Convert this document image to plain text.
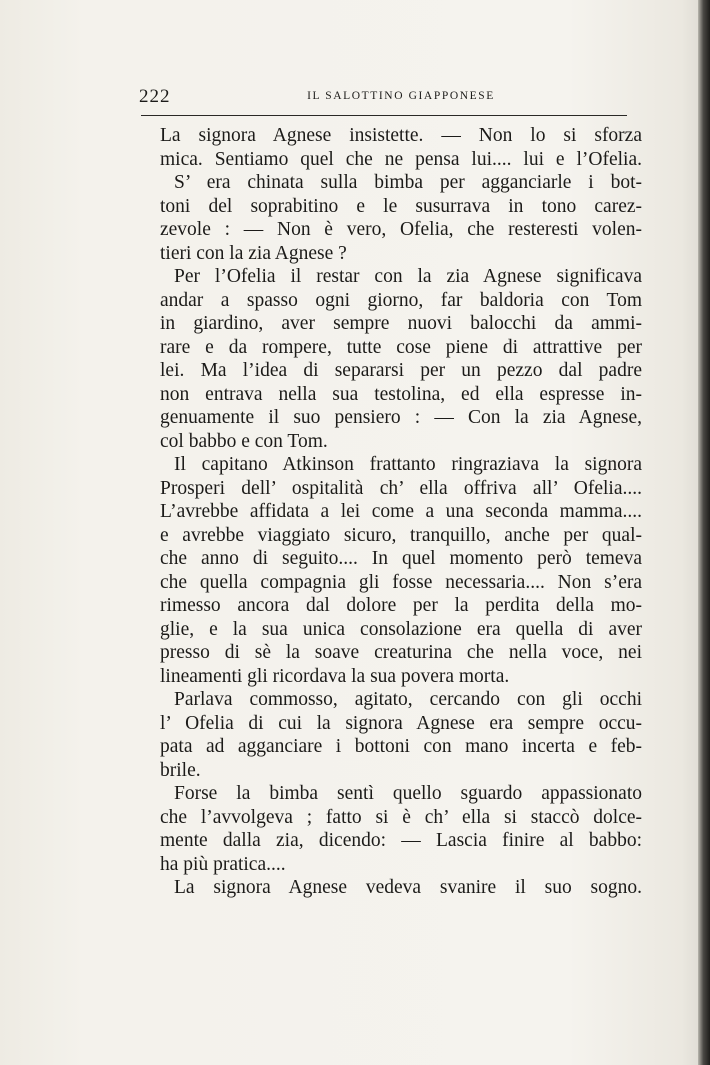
222	IL SALOTTINO GIAPPONESE
La signora Agnese insistette. — Non lo si sforza
mica. Sentiamo quel che ne pensa lui.... lui e l’Ofelia.
S’ era chinata sulla bimba per agganciarle i bot-
toni del soprabitino e le susurrava in tono carez-
zevole : — Non è vero, Ofelia, che resteresti volen-
tieri con la zia Agnese ?
Per l’Ofelia il restar con la zia Agnese significava
andar a spasso ogni giorno, far baldoria con Tom
in giardino, aver sempre nuovi balocchi da ammi-
rare e da rompere, tutte cose piene di attrattive per
lei. Ma l’idea di separarsi per un pezzo dal padre
non entrava nella sua testolina, ed ella espresse in-
genuamente il suo pensiero : — Con la zia Agnese,
col babbo e con Tom.
Il capitano Atkinson frattanto ringraziava la signora
Prosperi dell’ ospitalità ch’ ella offriva all’ Ofelia....
L’avrebbe affidata a lei come a una seconda mamma....
e avrebbe viaggiato sicuro, tranquillo, anche per qual-
che anno di seguito.... In quel momento però temeva
che quella compagnia gli fosse necessaria.... Non s’era
rimesso ancora dal dolore per la perdita della mo-
glie, e la sua unica consolazione era quella di aver
presso di sè la soave creaturina che nella voce, nei
lineamenti gli ricordava la sua povera morta.
Parlava commosso, agitato, cercando con gli occhi
l’ Ofelia di cui la signora Agnese era sempre occu-
pata ad agganciare i bottoni con mano incerta e feb-
brile.
Forse la bimba sentì quello sguardo appassionato
che l’avvolgeva ; fatto si è ch’ ella si staccò dolce-
mente dalla zia, dicendo: — Lascia finire al babbo:
ha più pratica....
La signora Agnese vedeva svanire il suo sogno.
